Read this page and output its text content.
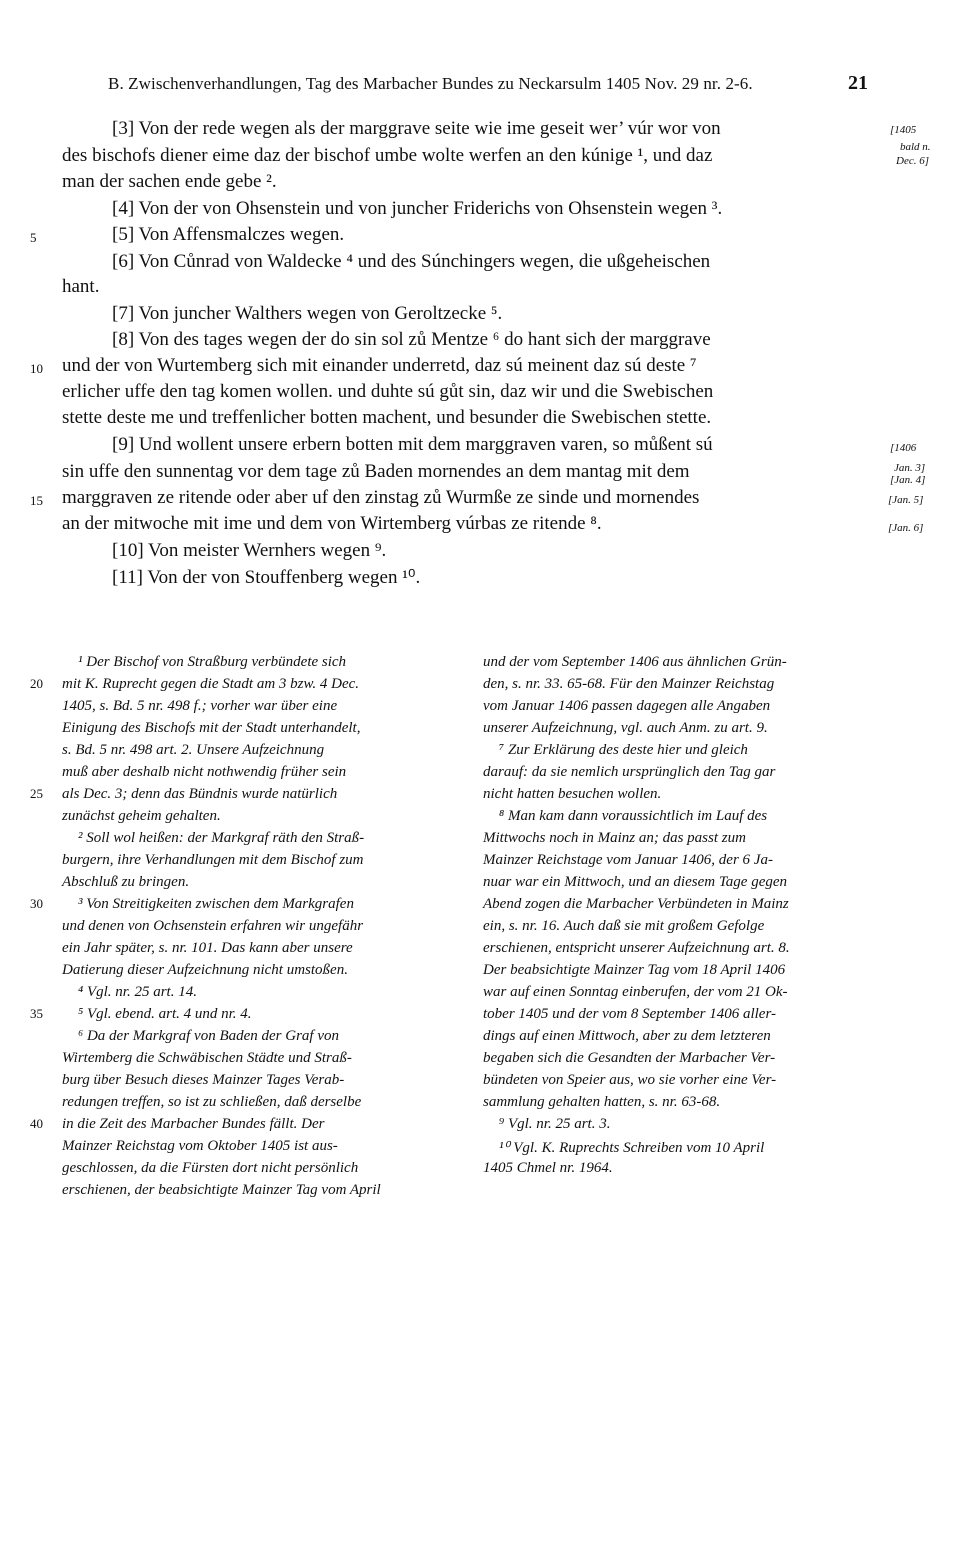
B. Zwischenverhandlungen, Tag des Marbacher Bundes zu Neckarsulm 1405 Nov. 29 nr. 2-6.	21
[3] Von der rede wegen als der marggrave seite wie ime geseit wer’ vúr wor von
des bischofs diener eime daz der bischof umbe wolte werfen an den kúnige ¹, und daz
man der sachen ende gebe ².
[4] Von der von Ohsenstein und von juncher Friderichs von Ohsenstein wegen ³.
[5] Von Affensmalczes wegen.
[6] Von Cůnrad von Waldecke ⁴ und des Súnchingers wegen, die ußgeheischen
hant.
[7] Von juncher Walthers wegen von Geroltzecke ⁵.
[8] Von des tages wegen der do sin sol zů Mentze ⁶ do hant sich der marggrave
und der von Wurtemberg sich mit einander underretd, daz sú meinent daz sú deste ⁷
erlicher uffe den tag komen wollen. und duhte sú gůt sin, daz wir und die Swebischen
stette deste me und treffenlicher botten machent, und besunder die Swebischen stette.
[9] Und wollent unsere erbern botten mit dem marggraven varen, so můßent sú
sin uffe den sunnentag vor dem tage zů Baden mornendes an dem mantag mit dem
marggraven ze ritende oder aber uf den zinstag zů Wurmße ze sinde und mornendes
an der mitwoche mit ime und dem von Wirtemberg vúrbas ze ritende ⁸.
[10] Von meister Wernhers wegen ⁹.
[11] Von der von Stouffenberg wegen ¹⁰.
[1405
bald n.
Dec. 6]
[1406
Jan. 3]
[Jan. 4]
[Jan. 5]
[Jan. 6]
5
10
15
20
25
30
35
40
¹ Der Bischof von Straßburg verbündete sich
mit K. Ruprecht gegen die Stadt am 3 bzw. 4 Dec.
1405, s. Bd. 5 nr. 498 f.; vorher war über eine
Einigung des Bischofs mit der Stadt unterhandelt,
s. Bd. 5 nr. 498 art. 2. Unsere Aufzeichnung
muß aber deshalb nicht nothwendig früher sein
als Dec. 3; denn das Bündnis wurde natürlich
zunächst geheim gehalten.
² Soll wol heißen: der Markgraf räth den Straß-
burgern, ihre Verhandlungen mit dem Bischof zum
Abschluß zu bringen.
³ Von Streitigkeiten zwischen dem Markgrafen
und denen von Ochsenstein erfahren wir ungefähr
ein Jahr später, s. nr. 101. Das kann aber unsere
Datierung dieser Aufzeichnung nicht umstoßen.
⁴ Vgl. nr. 25 art. 14.
⁵ Vgl. ebend. art. 4 und nr. 4.
⁶ Da der Markgraf von Baden der Graf von
Wirtemberg die Schwäbischen Städte und Straß-
burg über Besuch dieses Mainzer Tages Verab-
redungen treffen, so ist zu schließen, daß derselbe
in die Zeit des Marbacher Bundes fällt. Der
Mainzer Reichstag vom Oktober 1405 ist aus-
geschlossen, da die Fürsten dort nicht persönlich
erschienen, der beabsichtigte Mainzer Tag vom April
und der vom September 1406 aus ähnlichen Grün-
den, s. nr. 33. 65-68. Für den Mainzer Reichstag
vom Januar 1406 passen dagegen alle Angaben
unserer Aufzeichnung, vgl. auch Anm. zu art. 9.
⁷ Zur Erklärung des deste hier und gleich
darauf: da sie nemlich ursprünglich den Tag gar
nicht hatten besuchen wollen.
⁸ Man kam dann voraussichtlich im Lauf des
Mittwochs noch in Mainz an; das passt zum
Mainzer Reichstage vom Januar 1406, der 6 Ja-
nuar war ein Mittwoch, und an diesem Tage gegen
Abend zogen die Marbacher Verbündeten in Mainz
ein, s. nr. 16. Auch daß sie mit großem Gefolge
erschienen, entspricht unserer Aufzeichnung art. 8.
Der beabsichtigte Mainzer Tag vom 18 April 1406
war auf einen Sonntag einberufen, der vom 21 Ok-
tober 1405 und der vom 8 September 1406 aller-
dings auf einen Mittwoch, aber zu dem letzteren
begaben sich die Gesandten der Marbacher Ver-
bündeten von Speier aus, wo sie vorher eine Ver-
sammlung gehalten hatten, s. nr. 63-68.
⁹ Vgl. nr. 25 art. 3.
¹⁰ Vgl. K. Ruprechts Schreiben vom 10 April
1405 Chmel nr. 1964.
